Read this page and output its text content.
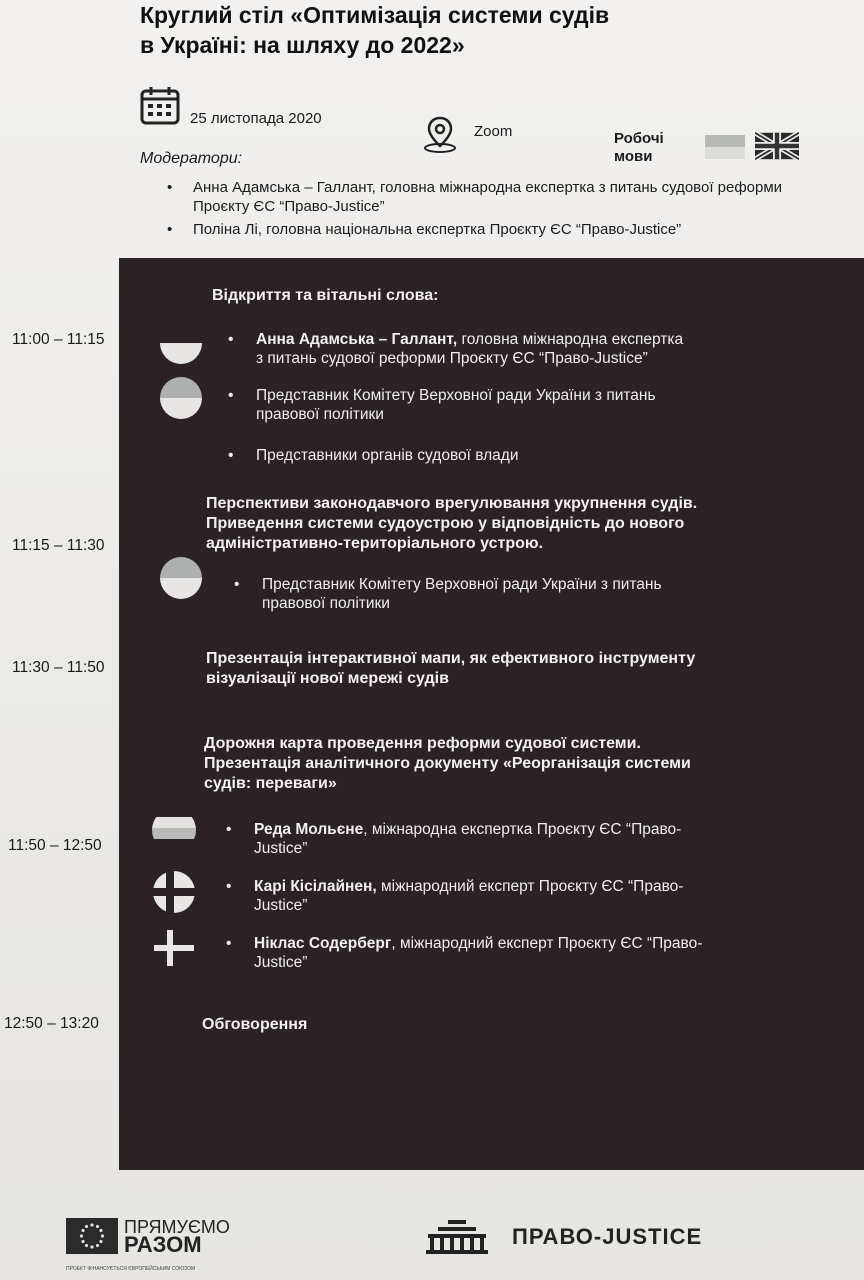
Круглий стіл «Оптимізація системи судів
в Україні: на шляху до 2022»
25 листопада 2020
Zoom	Робочі
мови
Модератори:
• Анна Адамська – Галлант, головна міжнародна експертка з питань судової реформи Проєкту ЄС “Право-Justice”
• Поліна Лі, головна національна експертка Проєкту ЄС “Право-Justice”
11:00 – 11:15
11:15 – 11:30
11:30 – 11:50
11:50 – 12:50
12:50 – 13:20
Відкриття та вітальні слова:
• Анна Адамська – Галлант, головна міжнародна експертка
з питань судової реформи Проєкту ЄС “Право-Justice”
• Представник Комітету Верховної ради України з питань
правової політики
• Представники органів судової влади
Перспективи законодавчого врегулювання укрупнення судів.
Приведення системи судоустрою у відповідність до нового
адміністративно-територіального устрою.
• Представник Комітету Верховної ради України з питань
правової політики
Презентація інтерактивної мапи, як ефективного інструменту
візуалізації нової мережі судів
Дорожня карта проведення реформи судової системи.
Презентація аналітичного документу «Реорганізація системи
судів: переваги»
• Реда Мольєне, міжнародна експертка Проєкту ЄС “Право-
Justice”
• Карі Кісілайнен, міжнародний експерт Проєкту ЄС “Право-
Justice”
• Ніклас Содерберг, міжнародний експерт Проєкту ЄС “Право-
Justice”
Обговорення
ПРЯМУЄМО
РАЗОМ
ПРОЕКТ ФІНАНСУЄТЬСЯ ЄВРОПЕЙСЬКИМ СОЮЗОМ
ПРАВО-JUSTICE
